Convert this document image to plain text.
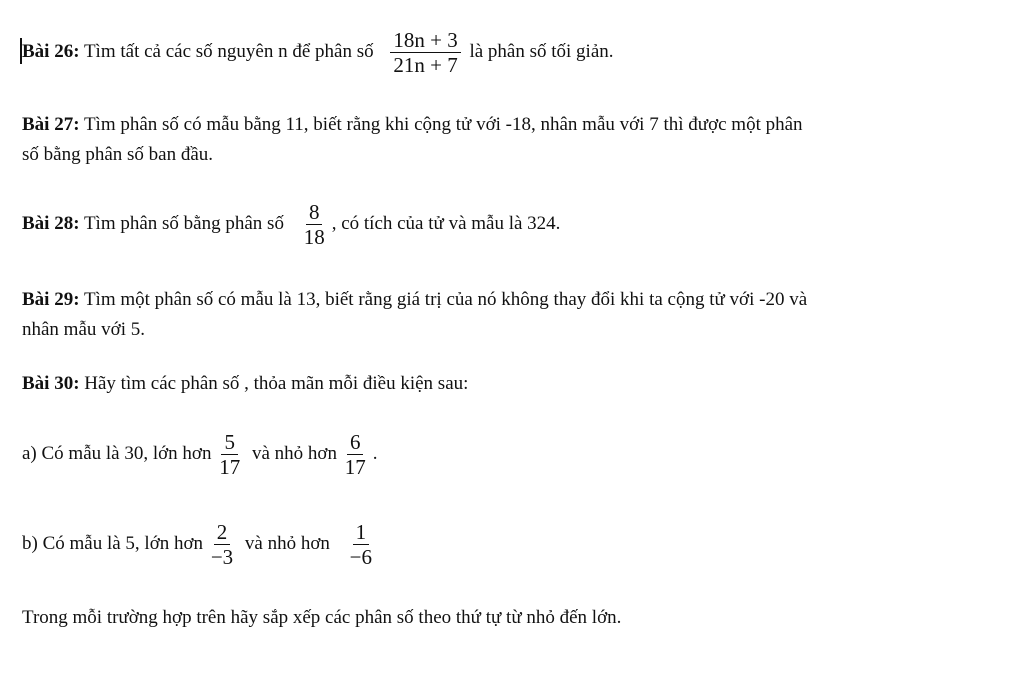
Bài 26: Tìm tất cả các số nguyên n để phân số $\frac{18n + 3}{21n + 7}$ là phân số tối giản.
Bài 27: Tìm phân số có mẫu bằng 11, biết rằng khi cộng tử với -18, nhân mẫu với 7 thì được một phân
số bằng phân số ban đầu.
Bài 28: Tìm phân số bằng phân số $\frac{8}{18}$ , có tích của tử và mẫu là 324.
Bài 29: Tìm một phân số có mẫu là 13, biết rằng giá trị của nó không thay đổi khi ta cộng tử với -20 và
nhân mẫu với 5.
Bài 30: Hãy tìm các phân số , thỏa mãn mỗi điều kiện sau:
a) Có mẫu là 30, lớn hơn $\frac{5}{17}$ và nhỏ hơn $\frac{6}{17}$ .
b) Có mẫu là 5, lớn hơn $\frac{2}{-3}$ và nhỏ hơn $\frac{1}{-6}$
Trong mỗi trường hợp trên hãy sắp xếp các phân số theo thứ tự từ nhỏ đến lớn.
